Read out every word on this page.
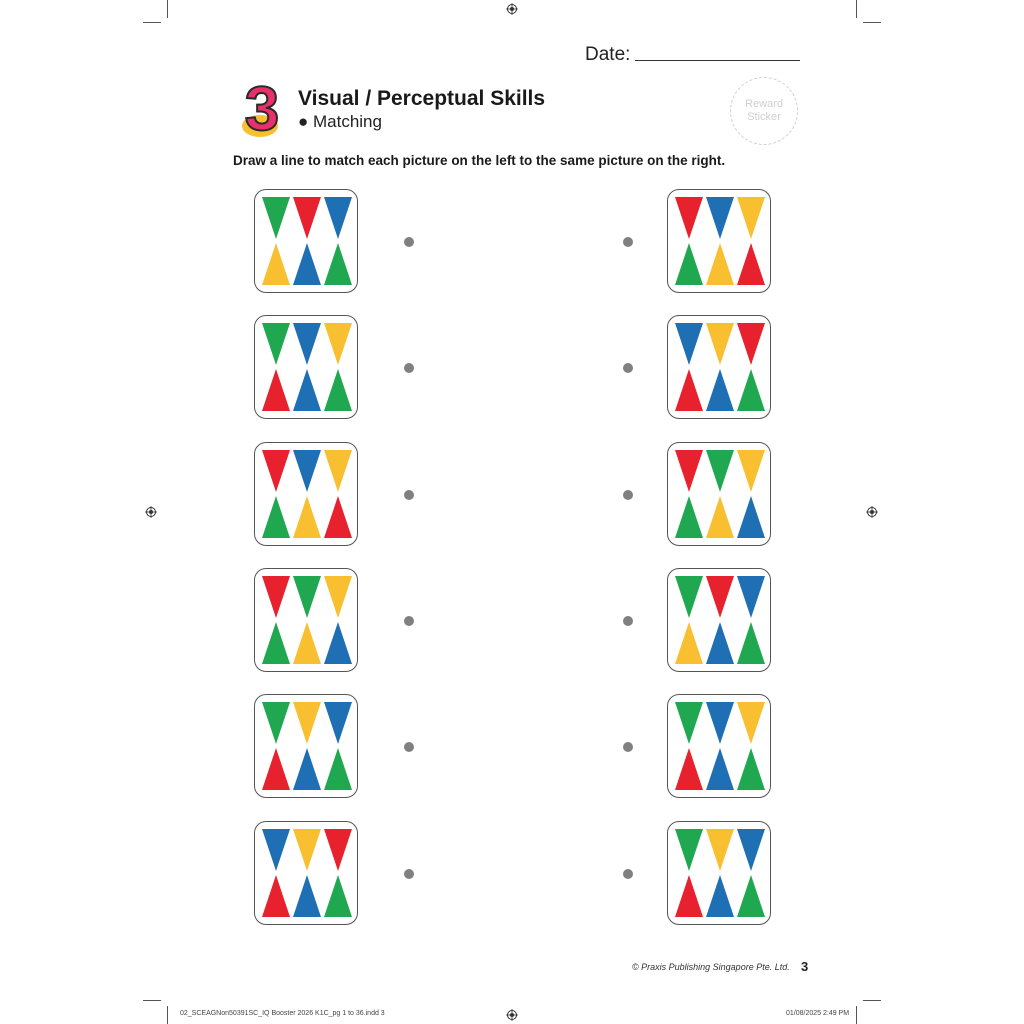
Date:
3 Visual / Perceptual Skills
● Matching
Reward
Sticker
Draw a line to match each picture on the left to the same picture on the right.
© Praxis Publishing Singapore Pte. Ltd. 3
02_SCEAGNon50391SC_IQ Booster 2026 K1C_pg 1 to 36.indd 3	01/08/2025 2:49 PM
